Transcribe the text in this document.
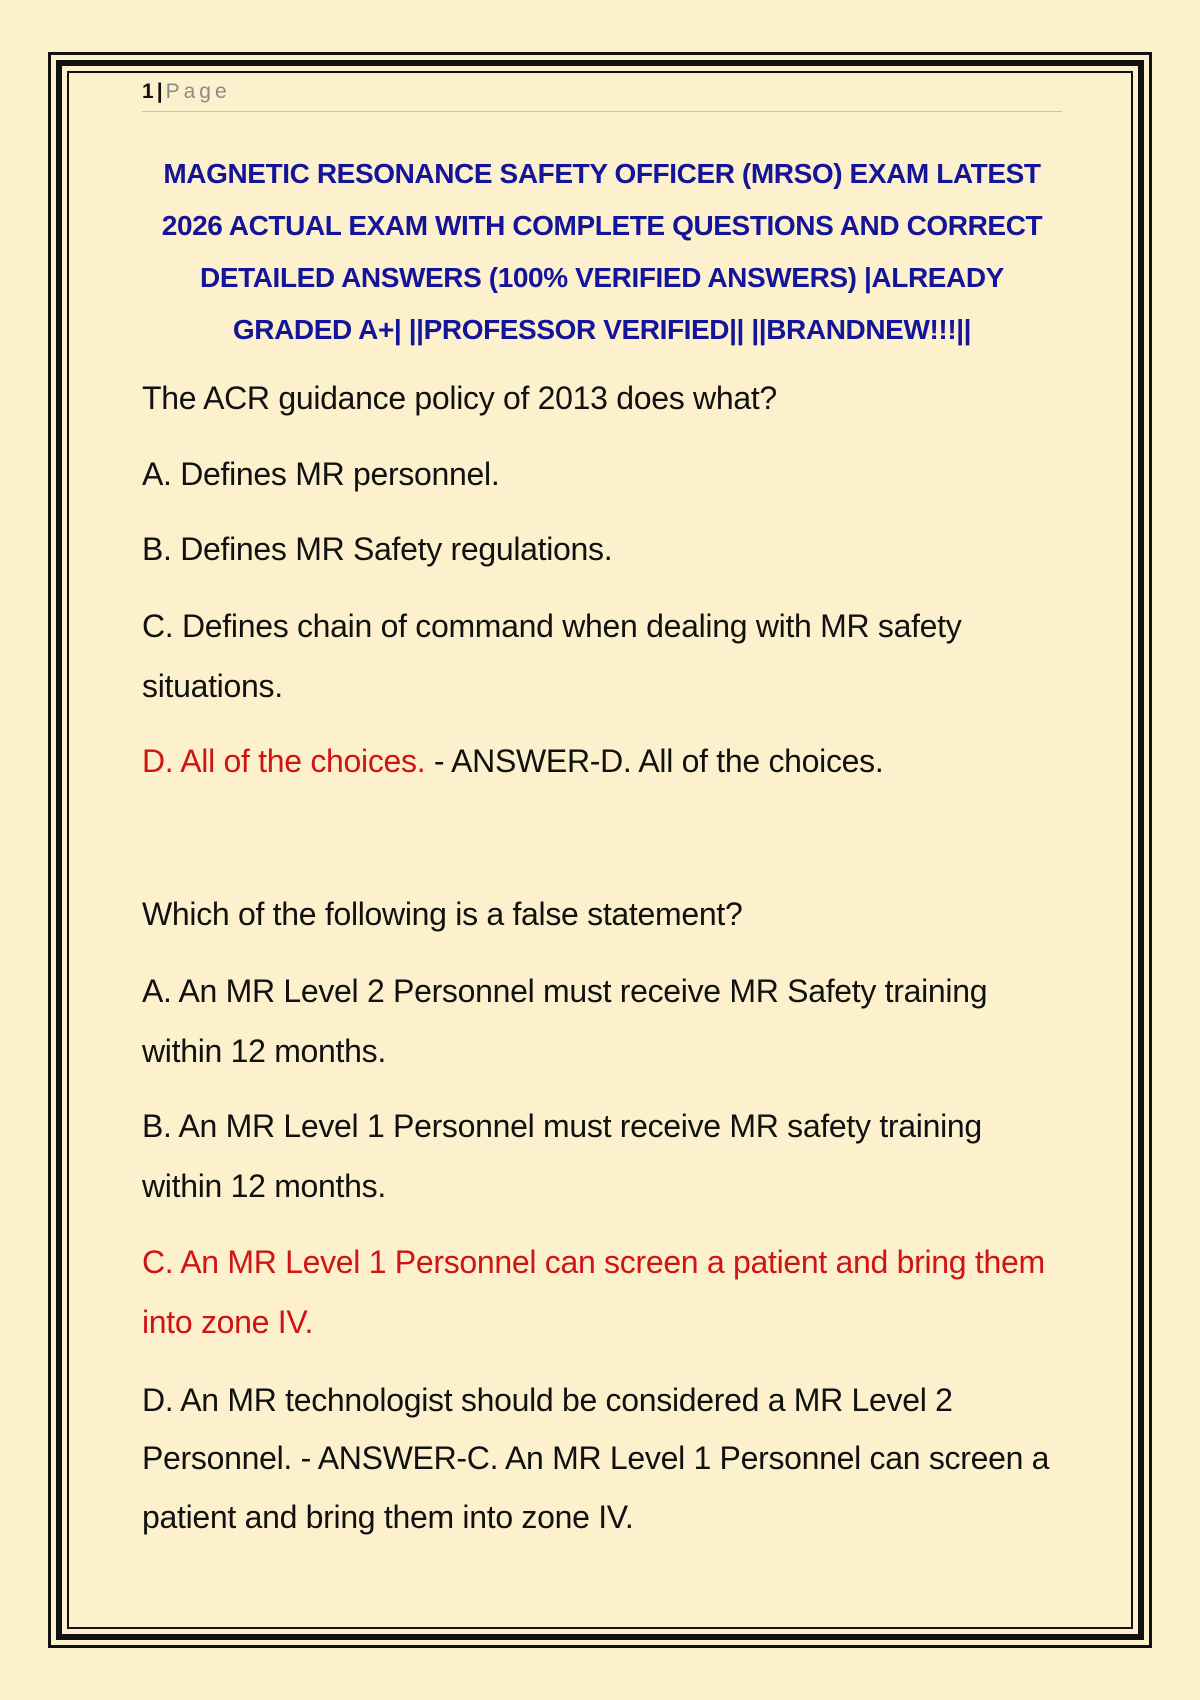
1 | Page
MAGNETIC RESONANCE SAFETY OFFICER (MRSO) EXAM LATEST
2026 ACTUAL EXAM WITH COMPLETE QUESTIONS AND CORRECT
DETAILED ANSWERS (100% VERIFIED ANSWERS) |ALREADY
GRADED A+| ||PROFESSOR VERIFIED|| ||BRANDNEW!!!||
The ACR guidance policy of 2013 does what?
A. Defines MR personnel.
B. Defines MR Safety regulations.
C. Defines chain of command when dealing with MR safety
situations.
D. All of the choices. - ANSWER-D. All of the choices.
Which of the following is a false statement?
A. An MR Level 2 Personnel must receive MR Safety training
within 12 months.
B. An MR Level 1 Personnel must receive MR safety training
within 12 months.
C. An MR Level 1 Personnel can screen a patient and bring them
into zone IV.
D. An MR technologist should be considered a MR Level 2
Personnel. - ANSWER-C. An MR Level 1 Personnel can screen a
patient and bring them into zone IV.
